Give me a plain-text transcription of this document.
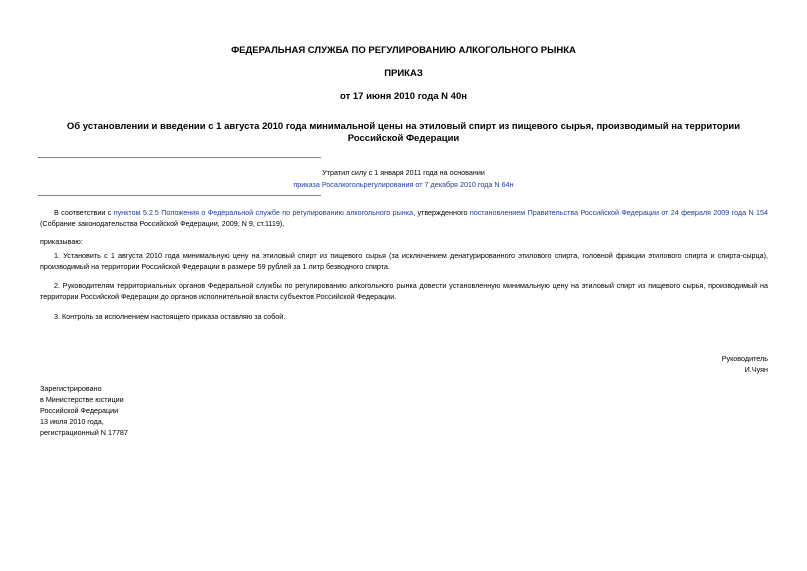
ФЕДЕРАЛЬНАЯ СЛУЖБА ПО РЕГУЛИРОВАНИЮ АЛКОГОЛЬНОГО РЫНКА
ПРИКАЗ
от 17 июня 2010 года N 40н
Об установлении и введении с 1 августа 2010 года минимальной цены на этиловый спирт из пищевого сырья, производимый на территории Российской Федерации
Утратил силу с 1 января 2011 года на основании
приказа Росалкогольрегулирования от 7 декабря 2010 года N 64н
В соответствии с пунктом 5.2.5 Положения о Федеральной службе по регулированию алкогольного рынка, утвержденного постановлением Правительства Российской Федерации от 24 февраля 2009 года N 154 (Собрание законодательства Российской Федерации, 2009, N 9, ст.1119),
приказываю:
1. Установить с 1 августа 2010 года минимальную цену на этиловый спирт из пищевого сырья (за исключением денатурированного этилового спирта, головной фракции этилового спирта и спирта-сырца), производимый на территории Российской Федерации в размере 59 рублей за 1 литр безводного спирта.
2. Руководителям территориальных органов Федеральной службы по регулированию алкогольного рынка довести установленную минимальную цену на этиловый спирт из пищевого сырья, производимый на территории Российской Федерации до органов исполнительной власти субъектов Российской Федерации.
3. Контроль за исполнением настоящего приказа оставляю за собой.
Руководитель
И.Чуян
Зарегистрировано
в Министерстве юстиции
Российской Федерации
13 июля 2010 года,
регистрационный N 17787
